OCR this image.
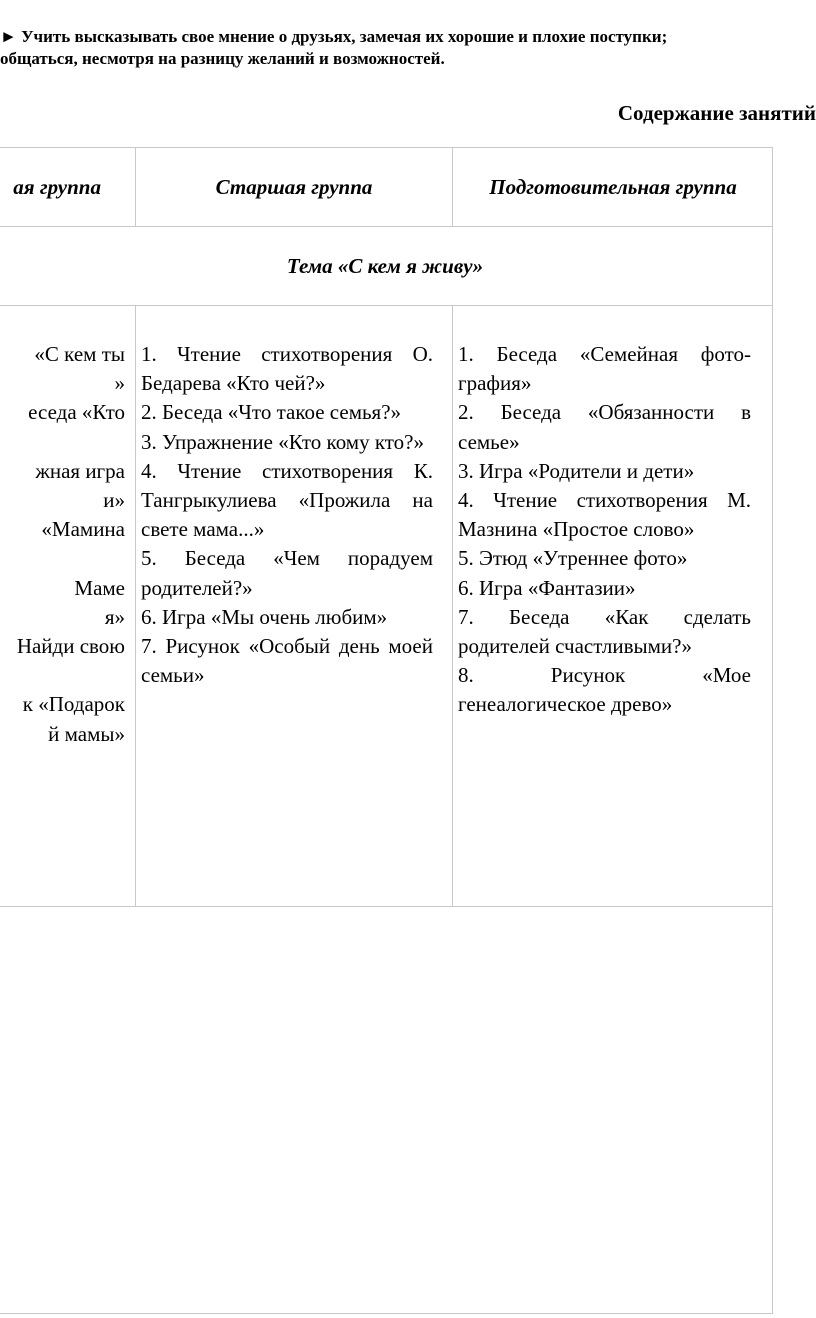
► Учить высказывать свое мнение о друзьях, замечая их хорошие и плохие поступки;
общаться, несмотря на разницу желаний и возможностей.
Содержание занятий
ая группа	Старшая группа	Подготовительная группа
Тема «С кем я живу»
«С кем ты
»
еседа «Кто

жная игра
и»
«Мамина

Маме
я»
Найди свою

к «Подарок
й мамы»
1. Чтение стихотворения О. Бедарева «Кто чей?»
2. Беседа «Что такое семья?»
3. Упражнение «Кто кому кто?»
4. Чтение стихотворения К. Тангрыкулиева «Прожила на свете мама...»
5. Беседа «Чем порадуем родителей?»
6. Игра «Мы очень любим»
7. Рисунок «Особый день моей семьи»
1. Беседа «Семейная фото- графия»
2. Беседа «Обязанности в семье»
3. Игра «Родители и дети»
4. Чтение стихотворения М. Мазнина «Простое слово»
5. Этюд «Утреннее фото»
6. Игра «Фантазии»
7. Беседа «Как сделать родителей счастливыми?»
8. Рисунок «Мое генеалогическое древо»
